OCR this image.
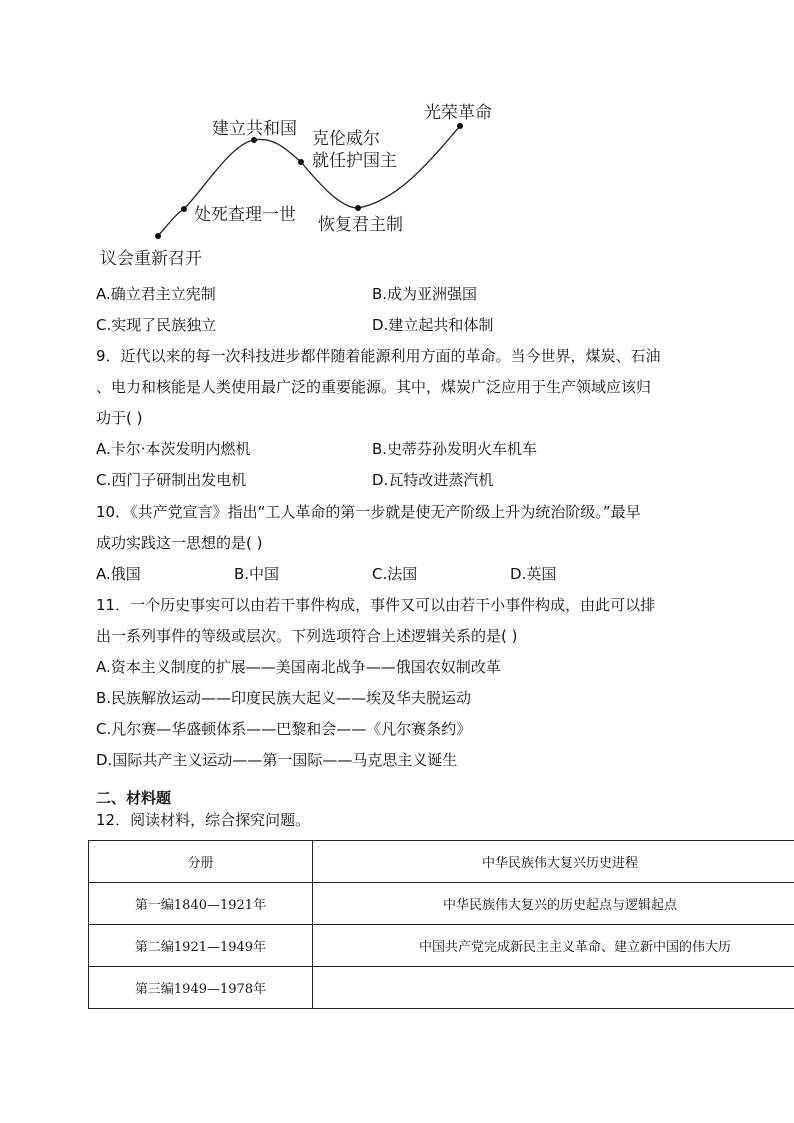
议会重新召开
处死查理一世
建立共和国 克伦威尔
就任护国主
恢复君主制
光荣革命
A.确立君主立宪制	B.成为亚洲强国
C.实现了民族独立	D.建立起共和体制
9．近代以来的每一次科技进步都伴随着能源利用方面的革命。当今世界，煤炭、石油
、电力和核能是人类使用最广泛的重要能源。其中，煤炭广泛应用于生产领域应该归
功于( )
A.卡尔·本茨发明内燃机	B.史蒂芬孙发明火车机车
C.西门子研制出发电机	D.瓦特改进蒸汽机
10．《共产党宣言》指出“工人革命的第一步就是使无产阶级上升为统治阶级。”最早
成功实践这一思想的是( )
A.俄国	B.中国	C.法国	D.英国
11．一个历史事实可以由若干事件构成，事件又可以由若干小事件构成，由此可以排
出一系列事件的等级或层次。下列选项符合上述逻辑关系的是( )
A.资本主义制度的扩展——美国南北战争——俄国农奴制改革
B.民族解放运动——印度民族大起义——埃及华夫脱运动
C.凡尔赛—华盛顿体系——巴黎和会——《凡尔赛条约》
D.国际共产主义运动——第一国际——马克思主义诞生
二、材料题
12．阅读材料，综合探究问题。
分册	中华民族伟大复兴历史进程
第一编1840—1921年	中华民族伟大复兴的历史起点与逻辑起点
第二编1921—1949年	中国共产党完成新民主主义革命、建立新中国的伟大历
第三编1949—1978年	
